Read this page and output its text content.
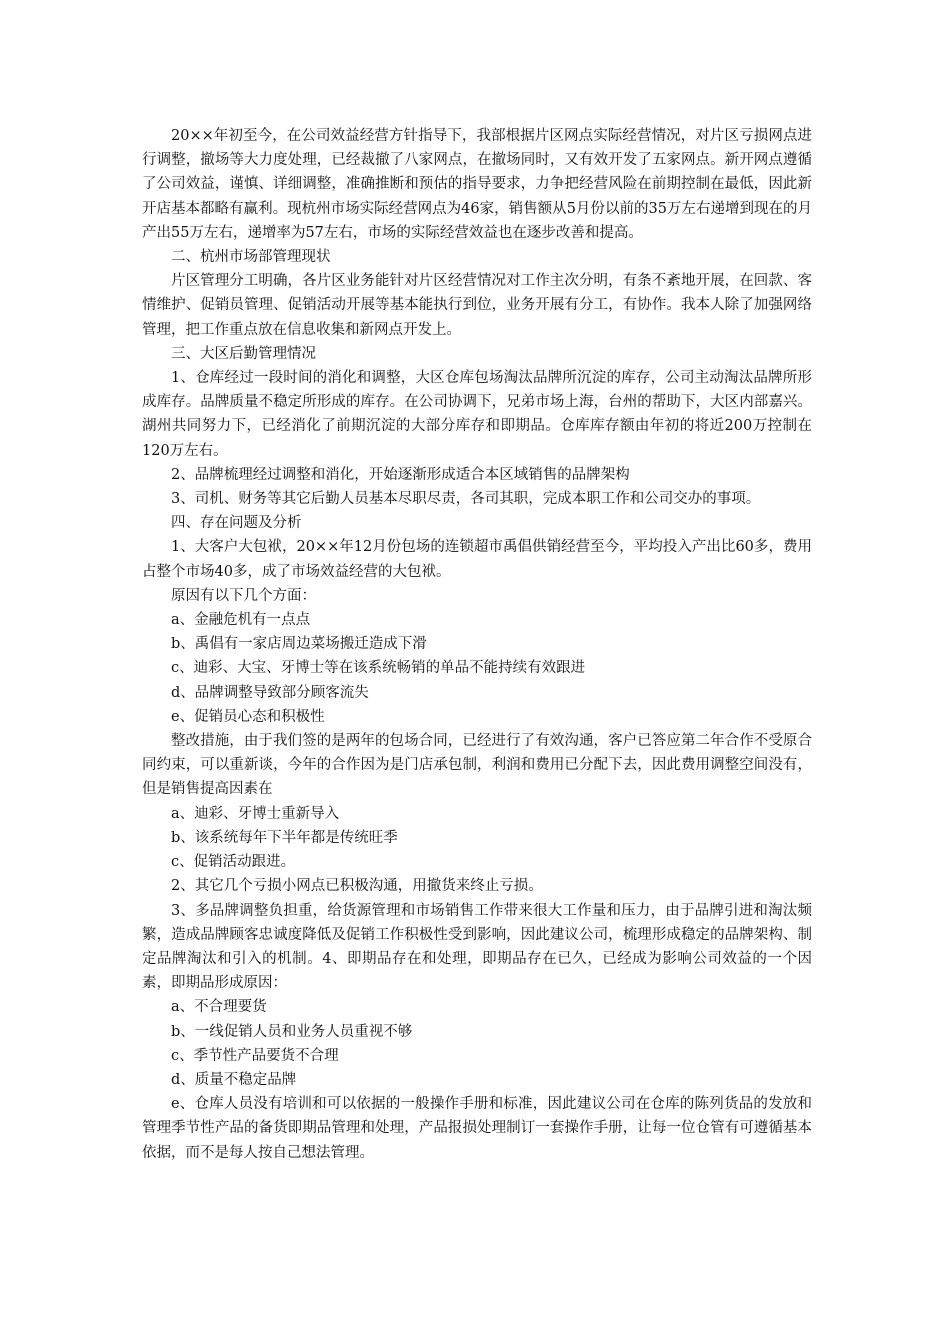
20××年初至今，在公司效益经营方针指导下，我部根据片区网点实际经营情况，对片区亏损网点进行调整，撤场等大力度处理，已经裁撤了八家网点，在撤场同时，又有效开发了五家网点。新开网点遵循了公司效益，谨慎、详细调整，准确推断和预估的指导要求，力争把经营风险在前期控制在最低，因此新开店基本都略有赢利。现杭州市场实际经营网点为46家，销售额从5月份以前的35万左右递增到现在的月产出55万左右，递增率为57左右，市场的实际经营效益也在逐步改善和提高。

二、杭州市场部管理现状

片区管理分工明确，各片区业务能针对片区经营情况对工作主次分明，有条不紊地开展，在回款、客情维护、促销员管理、促销活动开展等基本能执行到位，业务开展有分工，有协作。我本人除了加强网络管理，把工作重点放在信息收集和新网点开发上。

三、大区后勤管理情况

1、仓库经过一段时间的消化和调整，大区仓库包场淘汰品牌所沉淀的库存，公司主动淘汰品牌所形成库存。品牌质量不稳定所形成的库存。在公司协调下，兄弟市场上海，台州的帮助下，大区内部嘉兴。湖州共同努力下，已经消化了前期沉淀的大部分库存和即期品。仓库库存额由年初的将近200万控制在120万左右。

2、品牌梳理经过调整和消化，开始逐渐形成适合本区域销售的品牌架构

3、司机、财务等其它后勤人员基本尽职尽责，各司其职，完成本职工作和公司交办的事项。

四、存在问题及分析

1、大客户大包袱，20××年12月份包场的连锁超市禹倡供销经营至今，平均投入产出比60多，费用占整个市场40多，成了市场效益经营的大包袱。

原因有以下几个方面：

a、金融危机有一点点

b、禹倡有一家店周边菜场搬迁造成下滑

c、迪彩、大宝、牙博士等在该系统畅销的单品不能持续有效跟进

d、品牌调整导致部分顾客流失

e、促销员心态和积极性

整改措施，由于我们签的是两年的包场合同，已经进行了有效沟通，客户已答应第二年合作不受原合同约束，可以重新谈，今年的合作因为是门店承包制，利润和费用已分配下去，因此费用调整空间没有，但是销售提高因素在

a、迪彩、牙博士重新导入

b、该系统每年下半年都是传统旺季

c、促销活动跟进。

2、其它几个亏损小网点已积极沟通，用撤货来终止亏损。

3、多品牌调整负担重，给货源管理和市场销售工作带来很大工作量和压力，由于品牌引进和淘汰频繁，造成品牌顾客忠诚度降低及促销工作积极性受到影响，因此建议公司，梳理形成稳定的品牌架构、制定品牌淘汰和引入的机制。4、即期品存在和处理，即期品存在已久，已经成为影响公司效益的一个因素，即期品形成原因：

a、不合理要货

b、一线促销人员和业务人员重视不够

c、季节性产品要货不合理

d、质量不稳定品牌

e、仓库人员没有培训和可以依据的一般操作手册和标准，因此建议公司在仓库的陈列货品的发放和管理季节性产品的备货即期品管理和处理，产品报损处理制订一套操作手册，让每一位仓管有可遵循基本依据，而不是每人按自己想法管理。
